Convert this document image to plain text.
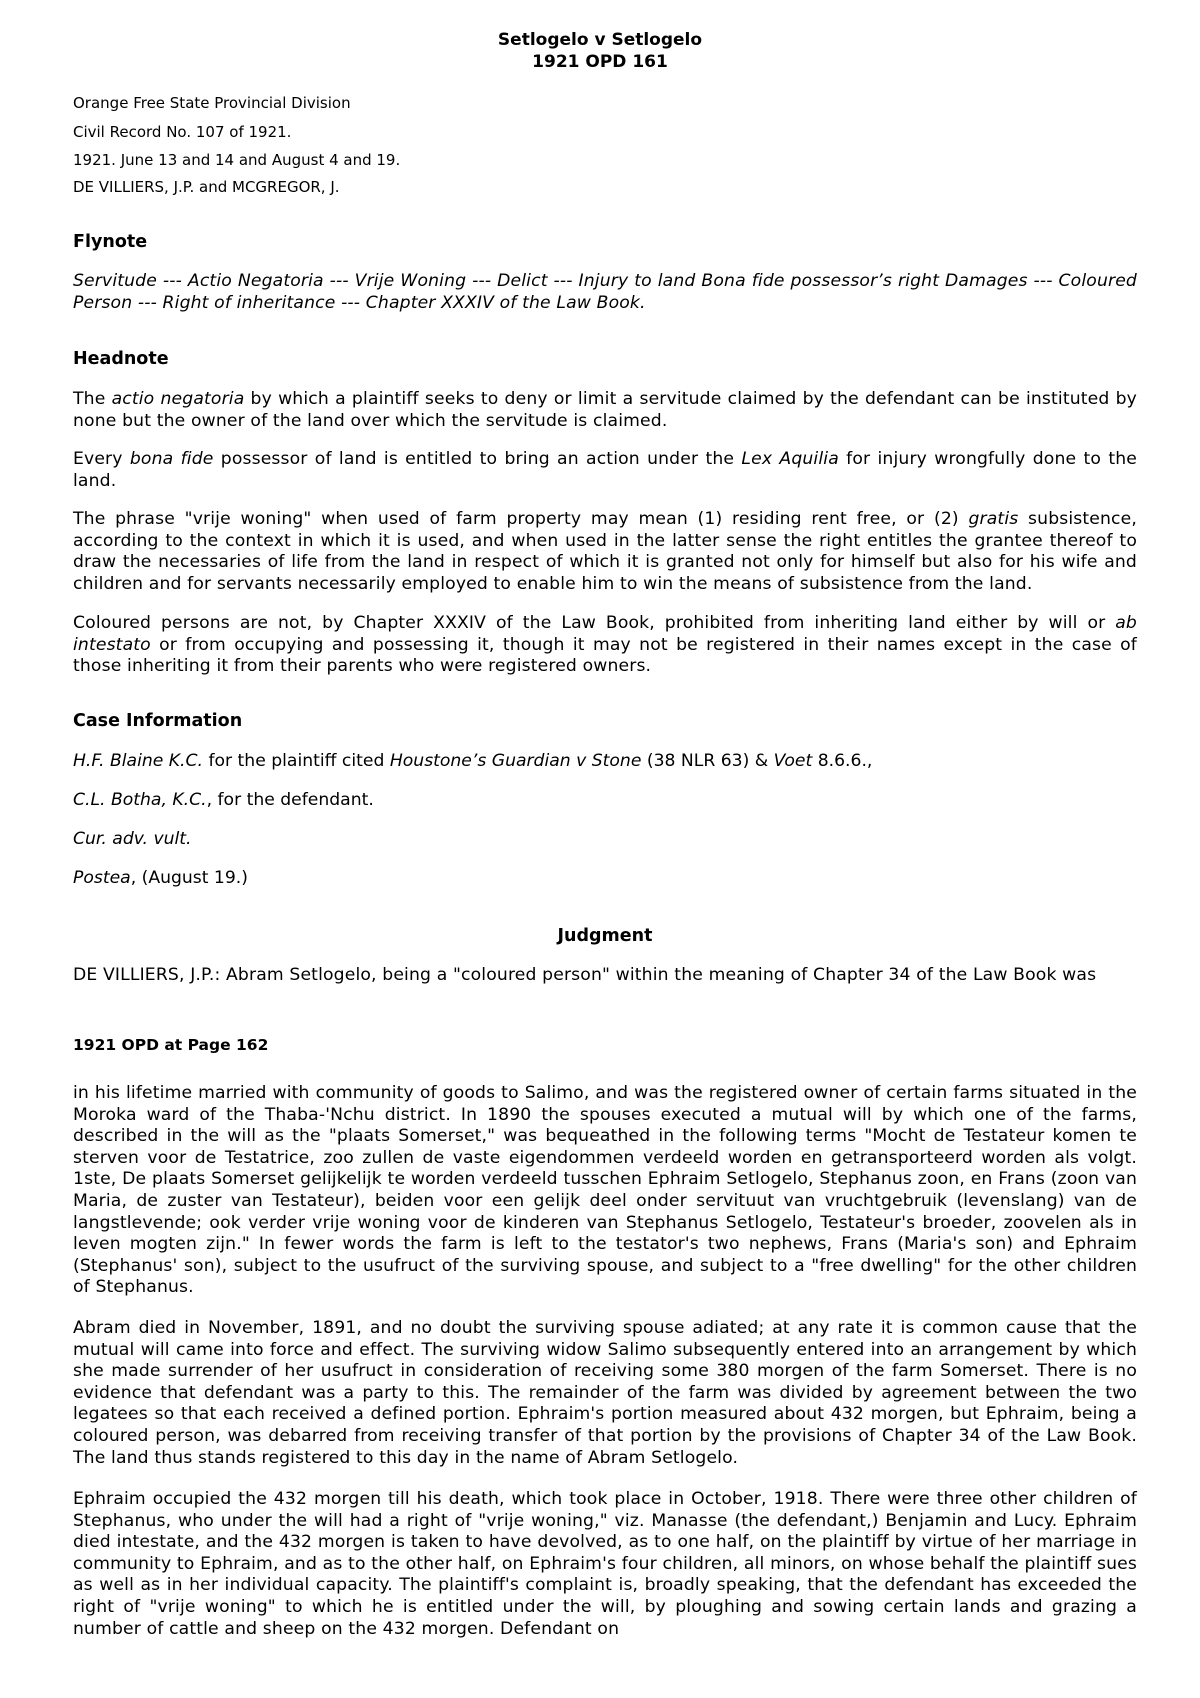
Setlogelo v Setlogelo
1921 OPD 161

Orange Free State Provincial Division

Civil Record No. 107 of 1921.

1921. June 13 and 14 and August 4 and 19.

DE VILLIERS, J.P. and MCGREGOR, J.

Flynote

Servitude --- Actio Negatoria --- Vrije Woning --- Delict --- Injury to land Bona fide possessor’s right Damages --- Coloured Person --- Right of inheritance --- Chapter XXXIV of the Law Book.

Headnote

The actio negatoria by which a plaintiff seeks to deny or limit a servitude claimed by the defendant can be instituted by none but the owner of the land over which the servitude is claimed.

Every bona fide possessor of land is entitled to bring an action under the Lex Aquilia for injury wrongfully done to the land.

The phrase "vrije woning" when used of farm property may mean (1) residing rent free, or (2) gratis subsistence, according to the context in which it is used, and when used in the latter sense the right entitles the grantee thereof to draw the necessaries of life from the land in respect of which it is granted not only for himself but also for his wife and children and for servants necessarily employed to enable him to win the means of subsistence from the land.

Coloured persons are not, by Chapter XXXIV of the Law Book, prohibited from inheriting land either by will or ab intestato or from occupying and possessing it, though it may not be registered in their names except in the case of those inheriting it from their parents who were registered owners.

Case Information

H.F. Blaine K.C. for the plaintiff cited Houstone’s Guardian v Stone (38 NLR 63) & Voet 8.6.6.,

C.L. Botha, K.C., for the defendant.

Cur. adv. vult.

Postea, (August 19.)

Judgment

DE VILLIERS, J.P.: Abram Setlogelo, being a "coloured person" within the meaning of Chapter 34 of the Law Book was

1921 OPD at Page 162

in his lifetime married with community of goods to Salimo, and was the registered owner of certain farms situated in the Moroka ward of the Thaba-'Nchu district. In 1890 the spouses executed a mutual will by which one of the farms, described in the will as the "plaats Somerset," was bequeathed in the following terms "Mocht de Testateur komen te sterven voor de Testatrice, zoo zullen de vaste eigendommen verdeeld worden en getransporteerd worden als volgt. 1ste, De plaats Somerset gelijkelijk te worden verdeeld tusschen Ephraim Setlogelo, Stephanus zoon, en Frans (zoon van Maria, de zuster van Testateur), beiden voor een gelijk deel onder servituut van vruchtgebruik (levenslang) van de langstlevende; ook verder vrije woning voor de kinderen van Stephanus Setlogelo, Testateur's broeder, zoovelen als in leven mogten zijn." In fewer words the farm is left to the testator's two nephews, Frans (Maria's son) and Ephraim (Stephanus' son), subject to the usufruct of the surviving spouse, and subject to a "free dwelling" for the other children of Stephanus.

Abram died in November, 1891, and no doubt the surviving spouse adiated; at any rate it is common cause that the mutual will came into force and effect. The surviving widow Salimo subsequently entered into an arrangement by which she made surrender of her usufruct in consideration of receiving some 380 morgen of the farm Somerset. There is no evidence that defendant was a party to this. The remainder of the farm was divided by agreement between the two legatees so that each received a defined portion. Ephraim's portion measured about 432 morgen, but Ephraim, being a coloured person, was debarred from receiving transfer of that portion by the provisions of Chapter 34 of the Law Book. The land thus stands registered to this day in the name of Abram Setlogelo.

Ephraim occupied the 432 morgen till his death, which took place in October, 1918. There were three other children of Stephanus, who under the will had a right of "vrije woning," viz. Manasse (the defendant,) Benjamin and Lucy. Ephraim died intestate, and the 432 morgen is taken to have devolved, as to one half, on the plaintiff by virtue of her marriage in community to Ephraim, and as to the other half, on Ephraim's four children, all minors, on whose behalf the plaintiff sues as well as in her individual capacity. The plaintiff's complaint is, broadly speaking, that the defendant has exceeded the right of "vrije woning" to which he is entitled under the will, by ploughing and sowing certain lands and grazing a number of cattle and sheep on the 432 morgen. Defendant on
